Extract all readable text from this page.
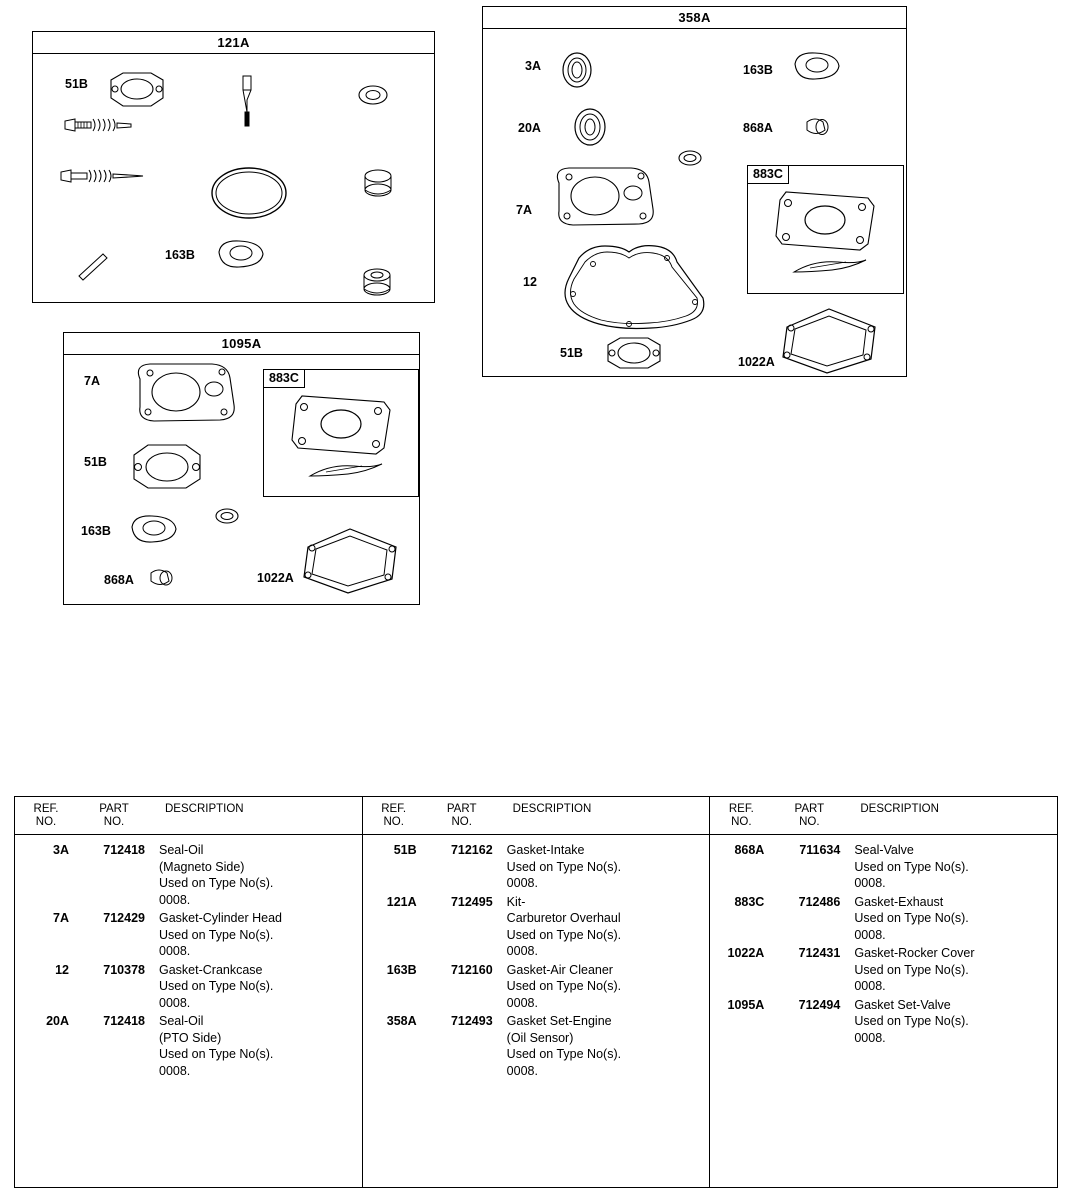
121A
51B
163B
1095A
7A
51B
163B
868A	1022A
883C
358A
3A	163B
20A	868A
7A
12
51B
1022A
883C
REF.
NO.
PART
NO.
DESCRIPTION
3A	712418	Seal-Oil
(Magneto Side)
Used on Type No(s).
0008.
7A	712429	Gasket-Cylinder Head
Used on Type No(s).
0008.
12	710378	Gasket-Crankcase
Used on Type No(s).
0008.
20A	712418	Seal-Oil
(PTO Side)
Used on Type No(s).
0008.
REF.
NO.
PART
NO.
DESCRIPTION
51B	712162	Gasket-Intake
Used on Type No(s).
0008.
121A	712495	Kit-
Carburetor Overhaul
Used on Type No(s).
0008.
163B	712160	Gasket-Air Cleaner
Used on Type No(s).
0008.
358A	712493	Gasket Set-Engine
(Oil Sensor)
Used on Type No(s).
0008.
REF.
NO.
PART
NO.
DESCRIPTION
868A	711634	Seal-Valve
Used on Type No(s).
0008.
883C	712486	Gasket-Exhaust
Used on Type No(s).
0008.
1022A	712431	Gasket-Rocker Cover
Used on Type No(s).
0008.
1095A	712494	Gasket Set-Valve
Used on Type No(s).
0008.
